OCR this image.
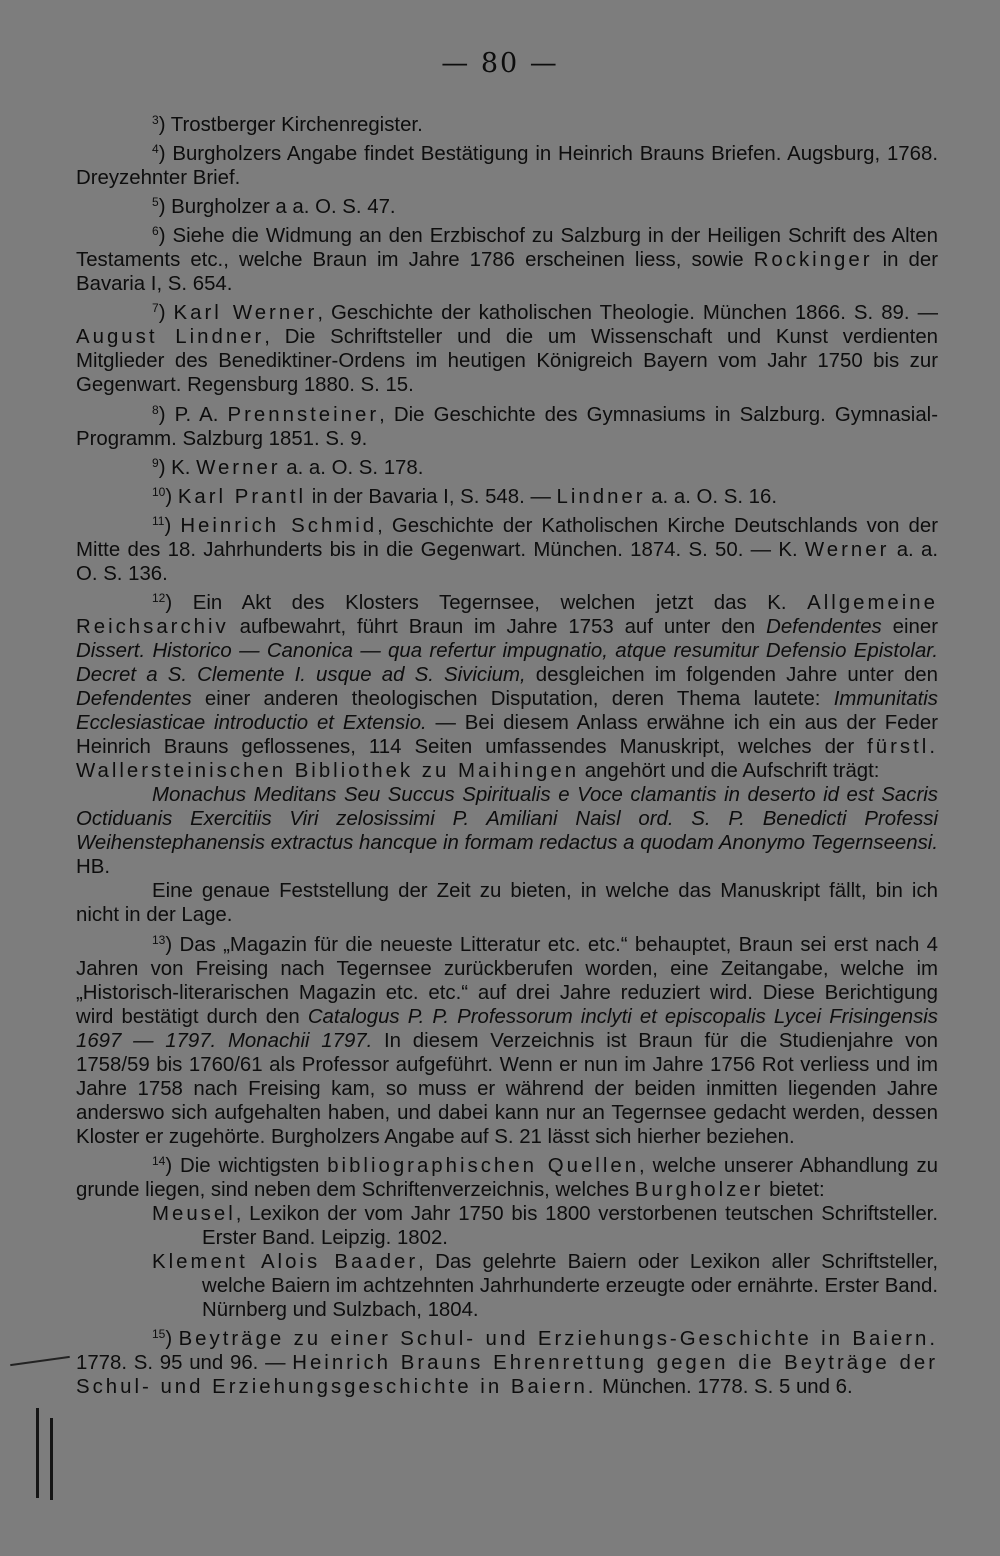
— 80 —

$^3$) Trostberger Kirchenregister.

$^4$) Burgholzers Angabe findet Bestätigung in Heinrich Brauns Briefen. Augsburg, 1768. Dreyzehnter Brief.

$^5$) Burgholzer a a. O. S. 47.

$^6$) Siehe die Widmung an den Erzbischof zu Salzburg in der Heiligen Schrift des Alten Testaments etc., welche Braun im Jahre 1786 erscheinen liess, sowie Rockinger in der Bavaria I, S. 654.

$^7$) Karl Werner, Geschichte der katholischen Theologie. München 1866. S. 89. — August Lindner, Die Schriftsteller und die um Wissenschaft und Kunst verdienten Mitglieder des Benediktiner-Ordens im heutigen Königreich Bayern vom Jahr 1750 bis zur Gegenwart. Regensburg 1880. S. 15.

$^8$) P. A. Prennsteiner, Die Geschichte des Gymnasiums in Salzburg. Gymnasial-Programm. Salzburg 1851. S. 9.

$^9$) K. Werner a. a. O. S. 178.

$^{10}$) Karl Prantl in der Bavaria I, S. 548. — Lindner a. a. O. S. 16.

$^{11}$) Heinrich Schmid, Geschichte der Katholischen Kirche Deutschlands von der Mitte des 18. Jahrhunderts bis in die Gegenwart. München. 1874. S. 50. — K. Werner a. a. O. S. 136.

$^{12}$) Ein Akt des Klosters Tegernsee, welchen jetzt das K. Allgemeine Reichsarchiv aufbewahrt, führt Braun im Jahre 1753 auf unter den Defendentes einer Dissert. Historico — Canonica — qua refertur impugnatio, atque resumitur Defensio Epistolar. Decret a S. Clemente I. usque ad S. Sivicium, desgleichen im folgenden Jahre unter den Defendentes einer anderen theologischen Disputation, deren Thema lautete: Immunitatis Ecclesiasticae introductio et Extensio. — Bei diesem Anlass erwähne ich ein aus der Feder Heinrich Brauns geflossenes, 114 Seiten umfassendes Manuskript, welches der fürstl. Wallersteinischen Bibliothek zu Maihingen angehört und die Aufschrift trägt:

Monachus Meditans Seu Succus Spiritualis e Voce clamantis in deserto id est Sacris Octiduanis Exercitiis Viri zelosissimi P. Amiliani Naisl ord. S. P. Benedicti Professi Weihenstephanensis extractus hancque in formam redactus a quodam Anonymo Tegernseensi. HB.

Eine genaue Feststellung der Zeit zu bieten, in welche das Manuskript fällt, bin ich nicht in der Lage.

$^{13}$) Das „Magazin für die neueste Litteratur etc. etc.“ behauptet, Braun sei erst nach 4 Jahren von Freising nach Tegernsee zurückberufen worden, eine Zeitangabe, welche im „Historisch-literarischen Magazin etc. etc.“ auf drei Jahre reduziert wird. Diese Berichtigung wird bestätigt durch den Catalogus P. P. Professorum inclyti et episcopalis Lycei Frisingensis 1697 — 1797. Monachii 1797. In diesem Verzeichnis ist Braun für die Studienjahre von 1758/59 bis 1760/61 als Professor aufgeführt. Wenn er nun im Jahre 1756 Rot verliess und im Jahre 1758 nach Freising kam, so muss er während der beiden inmitten liegenden Jahre anderswo sich aufgehalten haben, und dabei kann nur an Tegernsee gedacht werden, dessen Kloster er zugehörte. Burgholzers Angabe auf S. 21 lässt sich hierher beziehen.

$^{14}$) Die wichtigsten bibliographischen Quellen, welche unserer Abhandlung zu grunde liegen, sind neben dem Schriftenverzeichnis, welches Burgholzer bietet:

Meusel, Lexikon der vom Jahr 1750 bis 1800 verstorbenen teutschen Schriftsteller. Erster Band. Leipzig. 1802.

Klement Alois Baader, Das gelehrte Baiern oder Lexikon aller Schriftsteller, welche Baiern im achtzehnten Jahrhunderte erzeugte oder ernährte. Erster Band. Nürnberg und Sulzbach, 1804.

$^{15}$) Beyträge zu einer Schul- und Erziehungs-Geschichte in Baiern. 1778. S. 95 und 96. — Heinrich Brauns Ehrenrettung gegen die Beyträge der Schul- und Erziehungsgeschichte in Baiern. München. 1778. S. 5 und 6.
